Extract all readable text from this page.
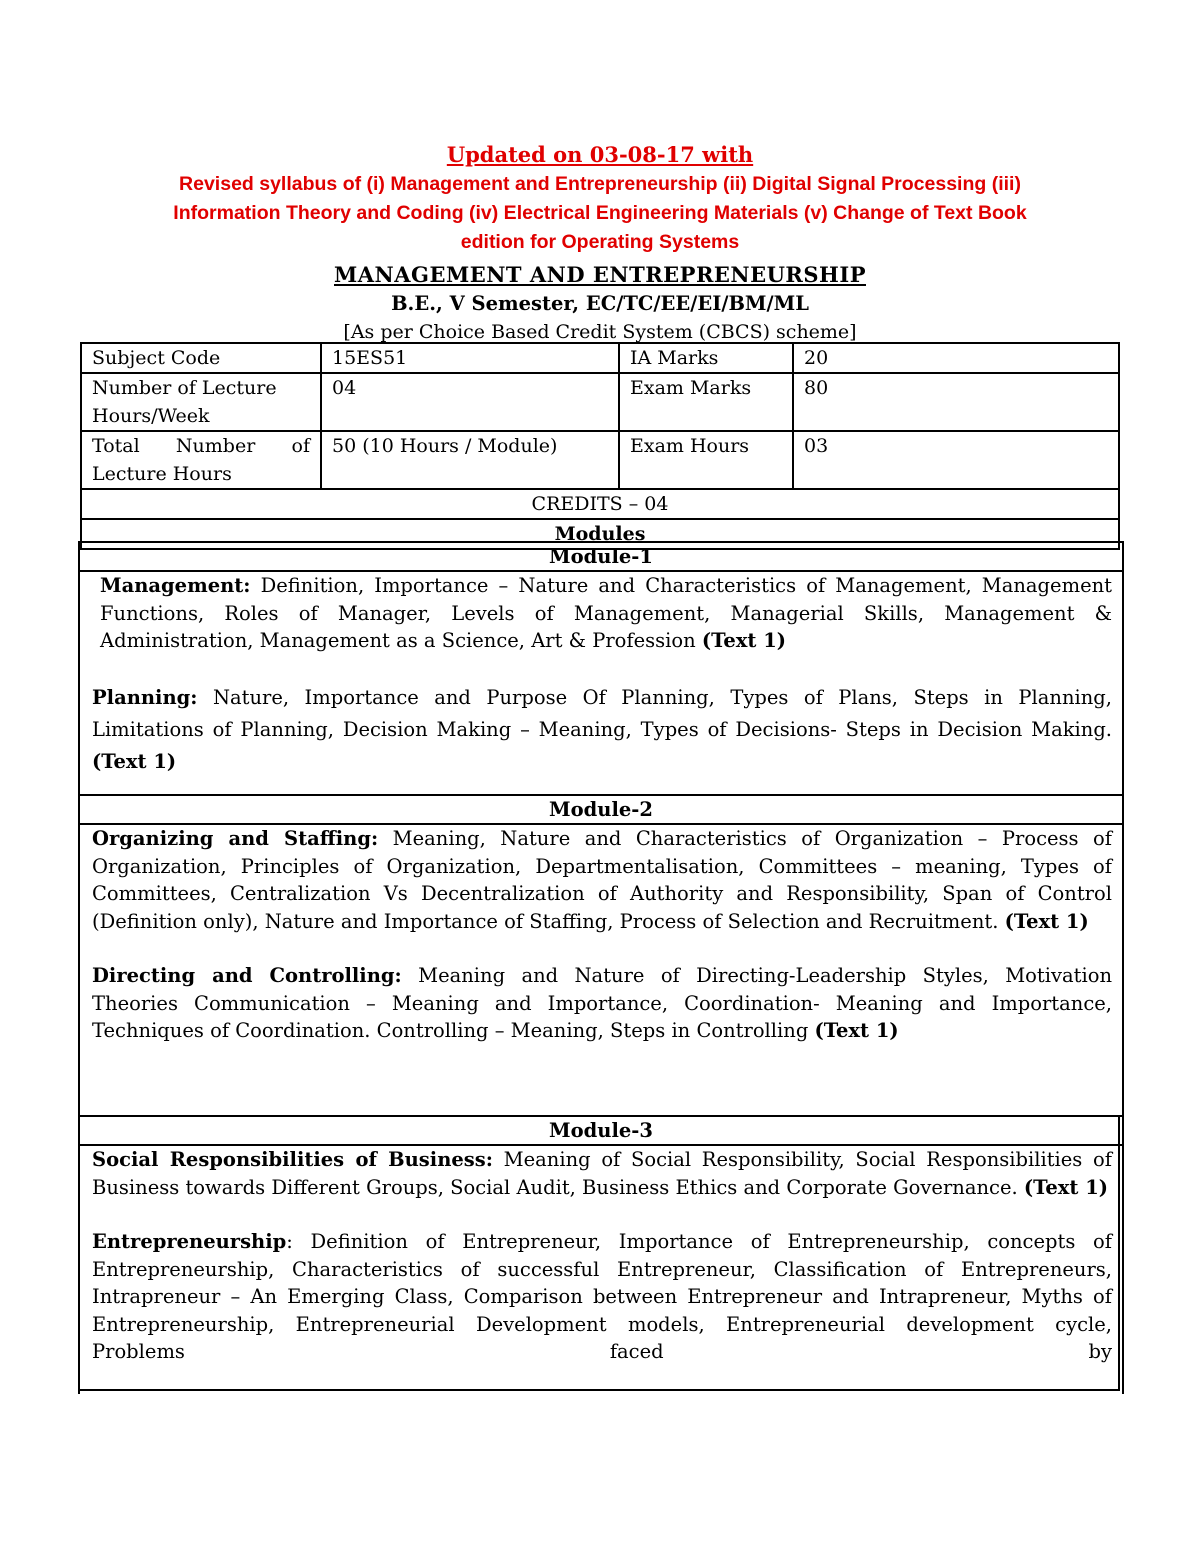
Updated on 03-08-17 with
Revised syllabus of (i) Management and Entrepreneurship (ii) Digital Signal Processing (iii)
Information Theory and Coding (iv) Electrical Engineering Materials (v) Change of Text Book
edition for Operating Systems
MANAGEMENT AND ENTREPRENEURSHIP
B.E., V Semester, EC/TC/EE/EI/BM/ML
[As per Choice Based Credit System (CBCS) scheme]
Subject Code	15ES51	IA Marks	20

Number of Lecture
Hours/Week	04	Exam Marks	80

Total   Number   of
Lecture Hours	50 (10 Hours / Module)	Exam Hours	03
CREDITS – 04			
Modules			
Module-1

Management: Definition, Importance – Nature and Characteristics of Management, Management Functions, Roles of Manager, Levels of Management, Managerial Skills, Management & Administration, Management as a Science, Art & Profession (Text 1)

Planning: Nature, Importance and Purpose Of Planning, Types of Plans, Steps in Planning, Limitations of Planning, Decision Making – Meaning, Types of Decisions- Steps in Decision Making. (Text 1)

Module-2

Organizing and Staffing: Meaning, Nature and Characteristics of Organization – Process of Organization, Principles of Organization, Departmentalisation, Committees – meaning, Types of Committees, Centralization Vs Decentralization of Authority and Responsibility, Span of Control (Definition only), Nature and Importance of Staffing, Process of Selection and Recruitment. (Text 1)

Directing and Controlling: Meaning and Nature of Directing-Leadership Styles, Motivation Theories Communication – Meaning and Importance, Coordination- Meaning and Importance, Techniques of Coordination. Controlling – Meaning, Steps in Controlling (Text 1)

Module-3

Social Responsibilities of Business: Meaning of Social Responsibility, Social Responsibilities of Business towards Different Groups, Social Audit, Business Ethics and Corporate Governance. (Text 1)

Entrepreneurship: Definition of Entrepreneur, Importance of Entrepreneurship, concepts of Entrepreneurship, Characteristics of successful Entrepreneur, Classification of Entrepreneurs, Intrapreneur – An Emerging Class, Comparison between Entrepreneur and Intrapreneur, Myths of Entrepreneurship, Entrepreneurial Development models, Entrepreneurial development cycle, Problems faced by
